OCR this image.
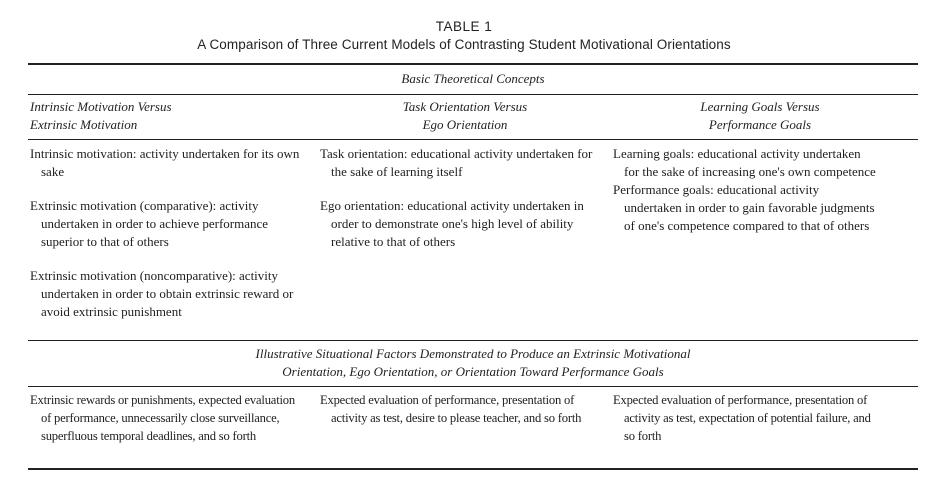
TABLE 1
A Comparison of Three Current Models of Contrasting Student Motivational Orientations
Basic Theoretical Concepts
Intrinsic Motivation Versus
Extrinsic Motivation
Task Orientation Versus
Ego Orientation
Learning Goals Versus
Performance Goals

Intrinsic motivation: activity undertaken for its own sake

Extrinsic motivation (comparative): activity undertaken in order to achieve performance superior to that of others

Extrinsic motivation (noncomparative): activity undertaken in order to obtain extrinsic reward or avoid extrinsic punishment

Task orientation: educational activity undertaken for the sake of learning itself

Ego orientation: educational activity undertaken in order to demonstrate one's high level of ability relative to that of others

Learning goals: educational activity undertaken for the sake of increasing one's own competence

Performance goals: educational activity undertaken in order to gain favorable judgments of one's competence compared to that of others

Illustrative Situational Factors Demonstrated to Produce an Extrinsic Motivational
Orientation, Ego Orientation, or Orientation Toward Performance Goals

Extrinsic rewards or punishments, expected evaluation of performance, unnecessarily close surveillance, superfluous temporal deadlines, and so forth

Expected evaluation of performance, presentation of activity as test, desire to please teacher, and so forth

Expected evaluation of performance, presentation of activity as test, expectation of potential failure, and so forth
